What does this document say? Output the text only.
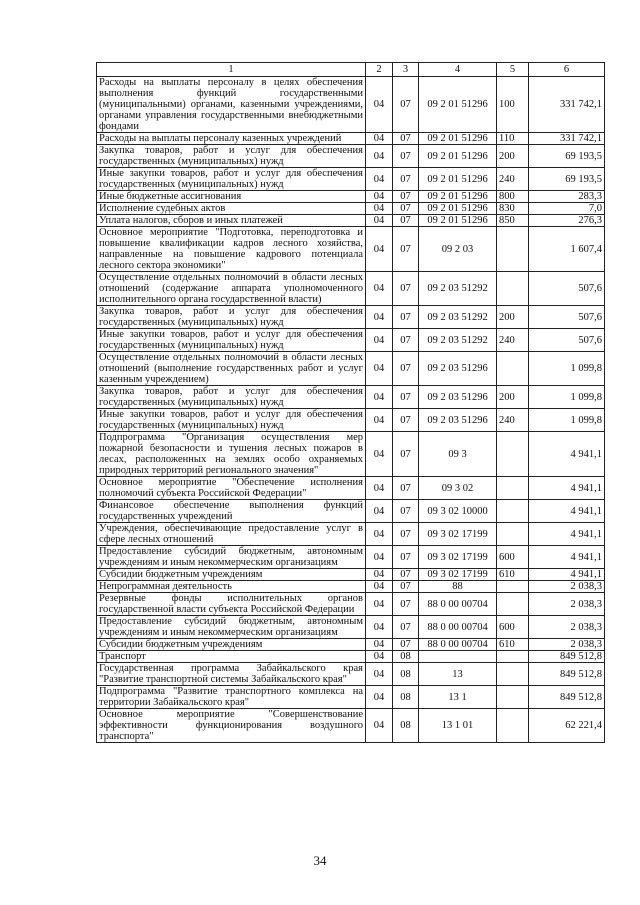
1	2	3	4	5	6
Расходы на выплаты персоналу в целях обеспечения выполнения функций государственными (муниципальными) органами, казенными учреждениями, органами управления государственными внебюджетными фондами	04	07	09 2 01 51296	100	331 742,1
Расходы на выплаты персоналу казенных учреждений	04	07	09 2 01 51296	110	331 742,1
Закупка товаров, работ и услуг для обеспечения государственных (муниципальных) нужд	04	07	09 2 01 51296	200	69 193,5
Иные закупки товаров, работ и услуг для обеспечения государственных (муниципальных) нужд	04	07	09 2 01 51296	240	69 193,5
Иные бюджетные ассигнования	04	07	09 2 01 51296	800	283,3
Исполнение судебных актов	04	07	09 2 01 51296	830	7,0
Уплата налогов, сборов и иных платежей	04	07	09 2 01 51296	850	276,3
Основное мероприятие "Подготовка, переподготовка и повышение квалификации кадров лесного хозяйства, направленные на повышение кадрового потенциала лесного сектора экономики"	04	07	09 2 03		1 607,4
Осуществление отдельных полномочий в области лесных отношений (содержание аппарата уполномоченного исполнительного органа государственной власти)	04	07	09 2 03 51292		507,6
Закупка товаров, работ и услуг для обеспечения государственных (муниципальных) нужд	04	07	09 2 03 51292	200	507,6
Иные закупки товаров, работ и услуг для обеспечения государственных (муниципальных) нужд	04	07	09 2 03 51292	240	507,6
Осуществление отдельных полномочий в области лесных отношений (выполнение государственных работ и услуг казенным учреждением)	04	07	09 2 03 51296		1 099,8
Закупка товаров, работ и услуг для обеспечения государственных (муниципальных) нужд	04	07	09 2 03 51296	200	1 099,8
Иные закупки товаров, работ и услуг для обеспечения государственных (муниципальных) нужд	04	07	09 2 03 51296	240	1 099,8
Подпрограмма "Организация осуществления мер пожарной безопасности и тушения лесных пожаров в лесах, расположенных на землях особо охраняемых природных территорий регионального значения"	04	07	09 3		4 941,1
Основное мероприятие "Обеспечение исполнения полномочий субъекта Российской Федерации"	04	07	09 3 02		4 941,1
Финансовое обеспечение выполнения функций государственных учреждений	04	07	09 3 02 10000		4 941,1
Учреждения, обеспечивающие предоставление услуг в сфере лесных отношений	04	07	09 3 02 17199		4 941,1
Предоставление субсидий бюджетным, автономным учреждениям и иным некоммерческим организациям	04	07	09 3 02 17199	600	4 941,1
Субсидии бюджетным учреждениям	04	07	09 3 02 17199	610	4 941,1
Непрограммная деятельность	04	07	88		2 038,3
Резервные фонды исполнительных органов государственной власти субъекта Российской Федерации	04	07	88 0 00 00704		2 038,3
Предоставление субсидий бюджетным, автономным учреждениям и иным некоммерческим организациям	04	07	88 0 00 00704	600	2 038,3
Субсидии бюджетным учреждениям	04	07	88 0 00 00704	610	2 038,3
Транспорт	04	08			849 512,8
Государственная программа Забайкальского края "Развитие транспортной системы Забайкальского края"	04	08	13		849 512,8
Подпрограмма "Развитие транспортного комплекса на территории Забайкальского края"	04	08	13 1		849 512,8
Основное мероприятие "Совершенствование эффективности функционирования воздушного транспорта"	04	08	13 1 01		62 221,4
34
